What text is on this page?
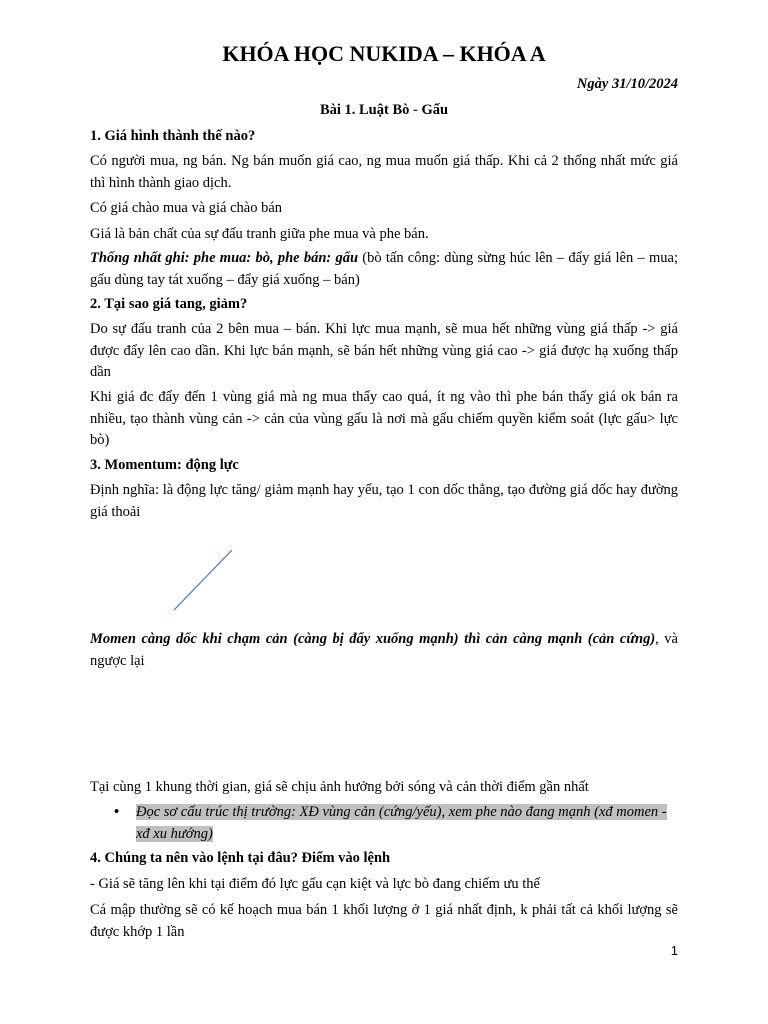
KHÓA HỌC NUKIDA – KHÓA A
Ngày 31/10/2024
Bài 1. Luật Bò - Gấu
1. Giá hình thành thế nào?

Có người mua, ng bán. Ng bán muốn giá cao, ng mua muốn giá thấp. Khi cả 2 thống nhất mức giá thì hình thành giao dịch.

Có giá chào mua và giá chào bán

Giá là bản chất của sự đấu tranh giữa phe mua và phe bán.

Thống nhất ghi: phe mua: bò, phe bán: gấu (bò tấn công: dùng sừng húc lên – đẩy giá lên – mua; gấu dùng tay tát xuống – đẩy giá xuống – bán)

2. Tại sao giá tang, giảm?

Do sự đấu tranh của 2 bên mua – bán. Khi lực mua mạnh, sẽ mua hết những vùng giá thấp -> giá được đẩy lên cao dần. Khi lực bán mạnh, sẽ bán hết những vùng giá cao -> giá được hạ xuống thấp dần

Khi giá đc đẩy đến 1 vùng giá mà ng mua thấy cao quá, ít ng vào thì phe bán thấy giá ok bán ra nhiều, tạo thành vùng cản -> cản của vùng gấu là nơi mà gấu chiếm quyền kiểm soát (lực gấu> lực bò)

3. Momentum: động lực

Định nghĩa: là động lực tăng/ giảm mạnh hay yếu, tạo 1 con dốc thẳng, tạo đường giá dốc hay đường giá thoải

Momen càng dốc khi chạm cản (càng bị đẩy xuống mạnh) thì cản càng mạnh (cản cứng), và ngược lại

Tại cùng 1 khung thời gian, giá sẽ chịu ảnh hưởng bởi sóng và cản thời điểm gần nhất

• Đọc sơ cấu trúc thị trường: XĐ vùng cản (cứng/yếu), xem phe nào đang mạnh (xđ momen - xđ xu hướng)
4. Chúng ta nên vào lệnh tại đâu? Điểm vào lệnh

- Giá sẽ tăng lên khi tại điểm đó lực gấu cạn kiệt và lực bò đang chiếm ưu thế

Cá mập thường sẽ có kế hoạch mua bán 1 khối lượng ở 1 giá nhất định, k phải tất cả khối lượng sẽ được khớp 1 lần

1
